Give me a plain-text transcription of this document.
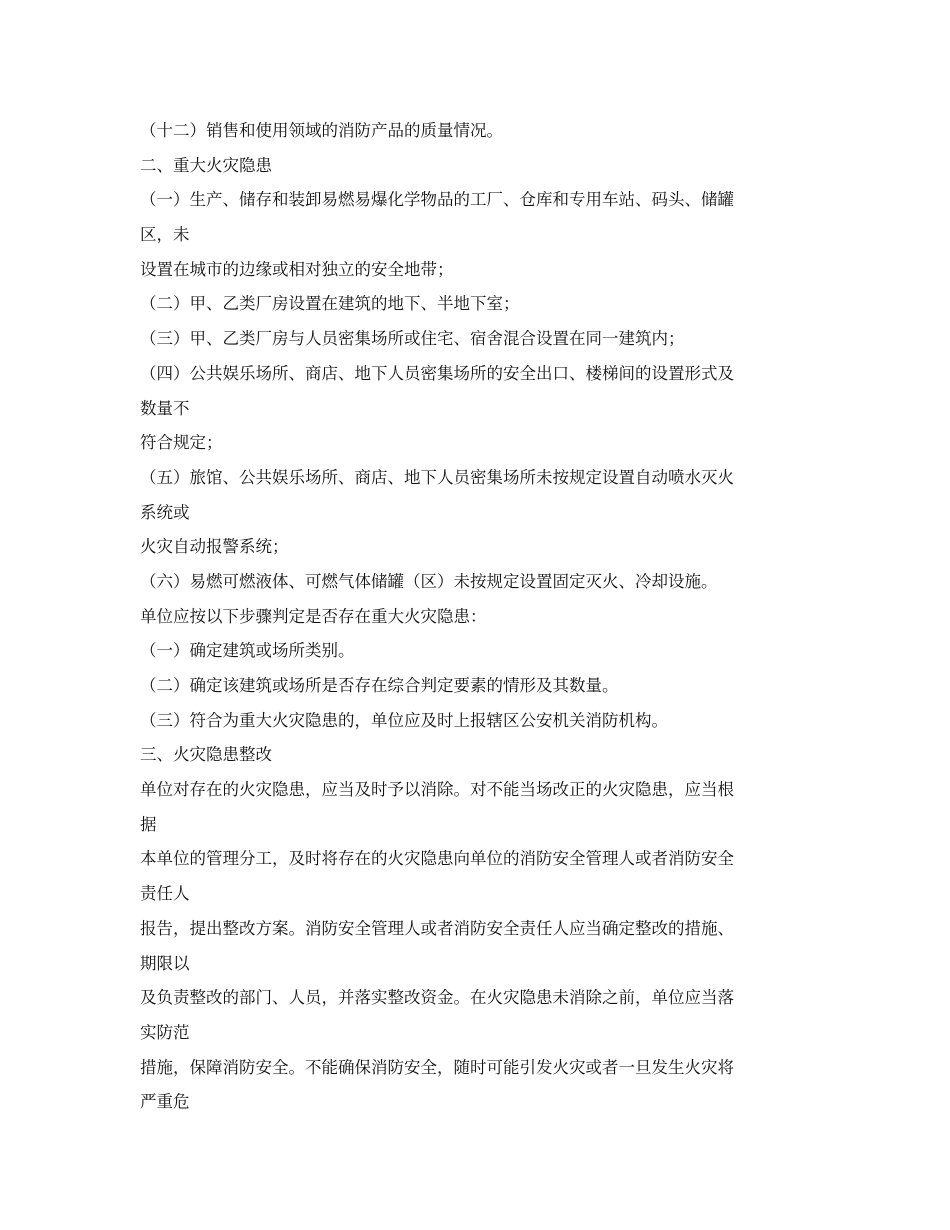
（十二）销售和使用领域的消防产品的质量情况。
二、重大火灾隐患
（一）生产、储存和装卸易燃易爆化学物品的工厂、仓库和专用车站、码头、储罐
区，未
设置在城市的边缘或相对独立的安全地带；
（二）甲、乙类厂房设置在建筑的地下、半地下室；
（三）甲、乙类厂房与人员密集场所或住宅、宿舍混合设置在同一建筑内；
（四）公共娱乐场所、商店、地下人员密集场所的安全出口、楼梯间的设置形式及
数量不
符合规定；
（五）旅馆、公共娱乐场所、商店、地下人员密集场所未按规定设置自动喷水灭火
系统或
火灾自动报警系统；
（六）易燃可燃液体、可燃气体储罐（区）未按规定设置固定灭火、冷却设施。
单位应按以下步骤判定是否存在重大火灾隐患：
（一）确定建筑或场所类别。
（二）确定该建筑或场所是否存在综合判定要素的情形及其数量。
（三）符合为重大火灾隐患的，单位应及时上报辖区公安机关消防机构。
三、火灾隐患整改
单位对存在的火灾隐患，应当及时予以消除。对不能当场改正的火灾隐患，应当根
据
本单位的管理分工，及时将存在的火灾隐患向单位的消防安全管理人或者消防安全
责任人
报告，提出整改方案。消防安全管理人或者消防安全责任人应当确定整改的措施、
期限以
及负责整改的部门、人员，并落实整改资金。在火灾隐患未消除之前，单位应当落
实防范
措施，保障消防安全。不能确保消防安全，随时可能引发火灾或者一旦发生火灾将
严重危
